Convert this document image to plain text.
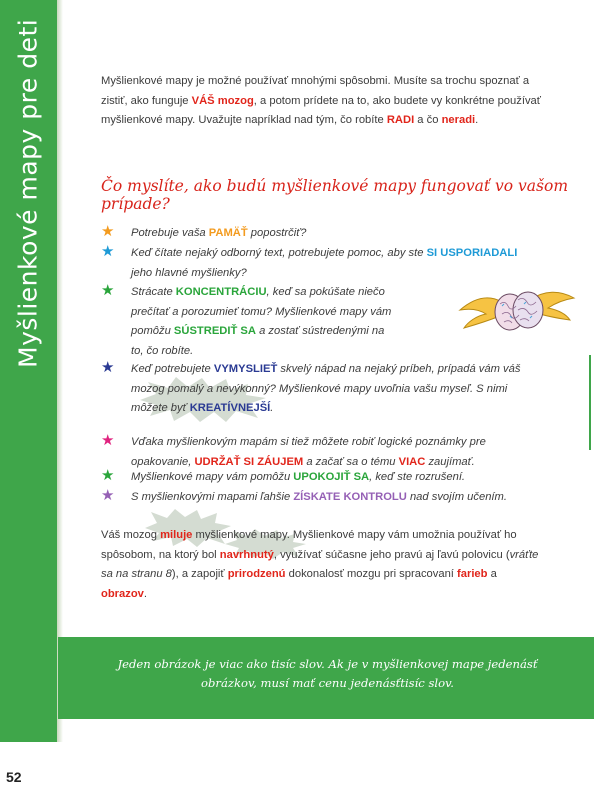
Myšlienkové mapy pre deti
52
Myšlienkové mapy je možné používať mnohými spôsobmi. Musíte sa trochu spoznať a zistiť, ako funguje VÁŠ mozog, a potom prídete na to, ako budete vy konkrétne používať myšlienkové mapy. Uvažujte napríklad nad tým, čo robíte RADI a čo neradi.
Čo myslíte, ako budú myšlienkové mapy fungovať vo vašom prípade?
★ Potrebuje vaša PAMÄŤ popostrčiť?
★ Keď čítate nejaký odborný text, potrebujete pomoc, aby ste SI USPORIADALI jeho hlavné myšlienky?
★ Strácate KONCENTRÁCIU, keď sa pokúšate niečo prečítať a porozumieť tomu? Myšlienkové mapy vám pomôžu SÚSTREDIŤ SA a zostať sústredenými na to, čo robíte.
★ Keď potrebujete VYMYSLIEŤ skvelý nápad na nejaký príbeh, prípadá vám váš mozog pomalý a nevýkonný? Myšlienkové mapy uvoľnia vašu myseľ. S nimi môžete byť KREATÍVNEJŠÍ.
★ Vďaka myšlienkovým mapám si tiež môžete robiť logické poznámky pre opakovanie, UDRŽAŤ SI ZÁUJEM a začať sa o tému VIAC zaujímať.
★ Myšlienkové mapy vám pomôžu UPOKOJIŤ SA, keď ste rozrušení.
★ S myšlienkovými mapami ľahšie ZÍSKATE KONTROLU nad svojím učením.
Váš mozog miluje myšlienkové mapy. Myšlienkové mapy vám umožnia používať ho spôsobom, na ktorý bol navrhnutý, využívať súčasne jeho pravú aj ľavú polovicu (vráťte sa na stranu 8), a zapojiť prirodzenú dokonalosť mozgu pri spracovaní farieb a obrazov.
Jeden obrázok je viac ako tisíc slov. Ak je v myšlienkovej mape jedenásť obrázkov, musí mať cenu jedenásťtisíc slov.
